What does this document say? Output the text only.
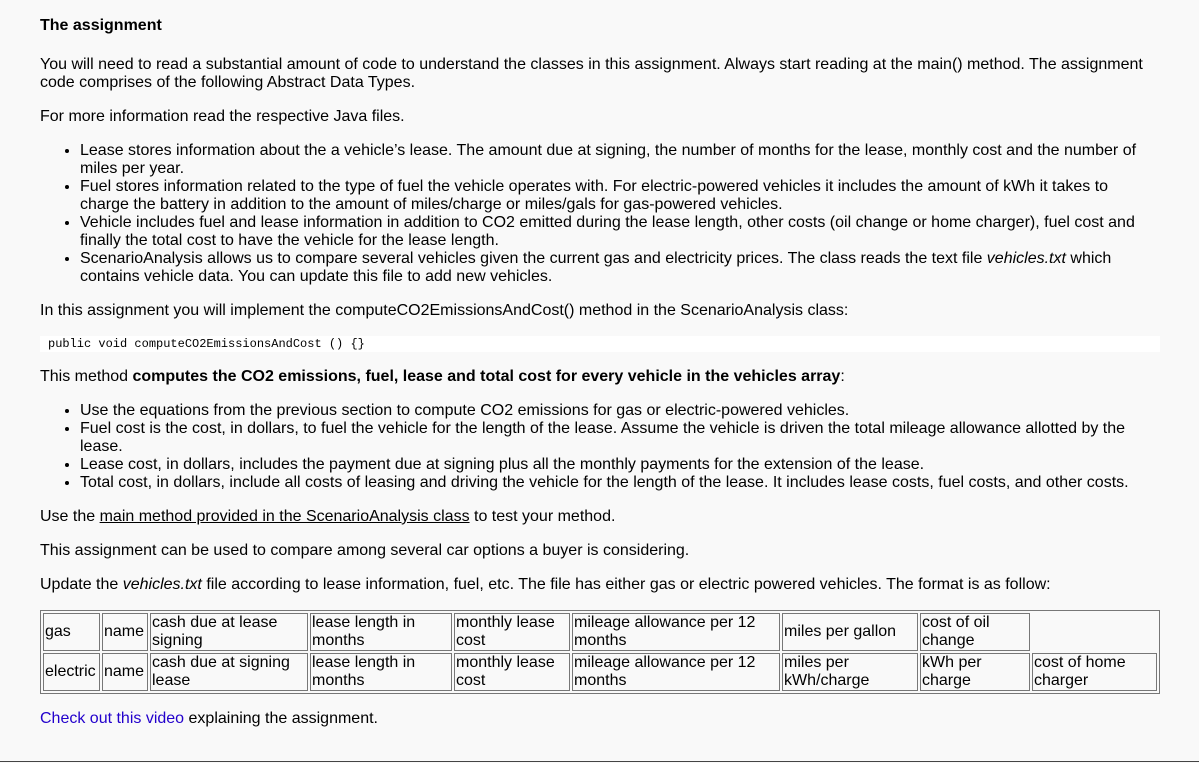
The assignment

You will need to read a substantial amount of code to understand the classes in this assignment. Always start reading at the main() method. The assignment code comprises of the following Abstract Data Types.

For more information read the respective Java files.

• Lease stores information about the a vehicle’s lease. The amount due at signing, the number of months for the lease, monthly cost and the number of miles per year.
• Fuel stores information related to the type of fuel the vehicle operates with. For electric-powered vehicles it includes the amount of kWh it takes to charge the battery in addition to the amount of miles/charge or miles/gals for gas-powered vehicles.
• Vehicle includes fuel and lease information in addition to CO2 emitted during the lease length, other costs (oil change or home charger), fuel cost and finally the total cost to have the vehicle for the lease length.
• ScenarioAnalysis allows us to compare several vehicles given the current gas and electricity prices. The class reads the text file vehicles.txt which contains vehicle data. You can update this file to add new vehicles.

In this assignment you will implement the computeCO2EmissionsAndCost() method in the ScenarioAnalysis class:

public void computeCO2EmissionsAndCost () {}

This method computes the CO2 emissions, fuel, lease and total cost for every vehicle in the vehicles array:

• Use the equations from the previous section to compute CO2 emissions for gas or electric-powered vehicles.
• Fuel cost is the cost, in dollars, to fuel the vehicle for the length of the lease. Assume the vehicle is driven the total mileage allowance allotted by the lease.
• Lease cost, in dollars, includes the payment due at signing plus all the monthly payments for the extension of the lease.
• Total cost, in dollars, include all costs of leasing and driving the vehicle for the length of the lease. It includes lease costs, fuel costs, and other costs.

Use the main method provided in the ScenarioAnalysis class to test your method.

This assignment can be used to compare among several car options a buyer is considering.

Update the vehicles.txt file according to lease information, fuel, etc. The file has either gas or electric powered vehicles. The format is as follow:

gas	name	cash due at lease signing	lease length in months	monthly lease cost	mileage allowance per 12 months	miles per gallon	cost of oil change	
electric	name	cash due at signing lease	lease length in months	monthly lease cost	mileage allowance per 12 months	miles per kWh/charge	kWh per charge	cost of home charger

Check out this video explaining the assignment.
